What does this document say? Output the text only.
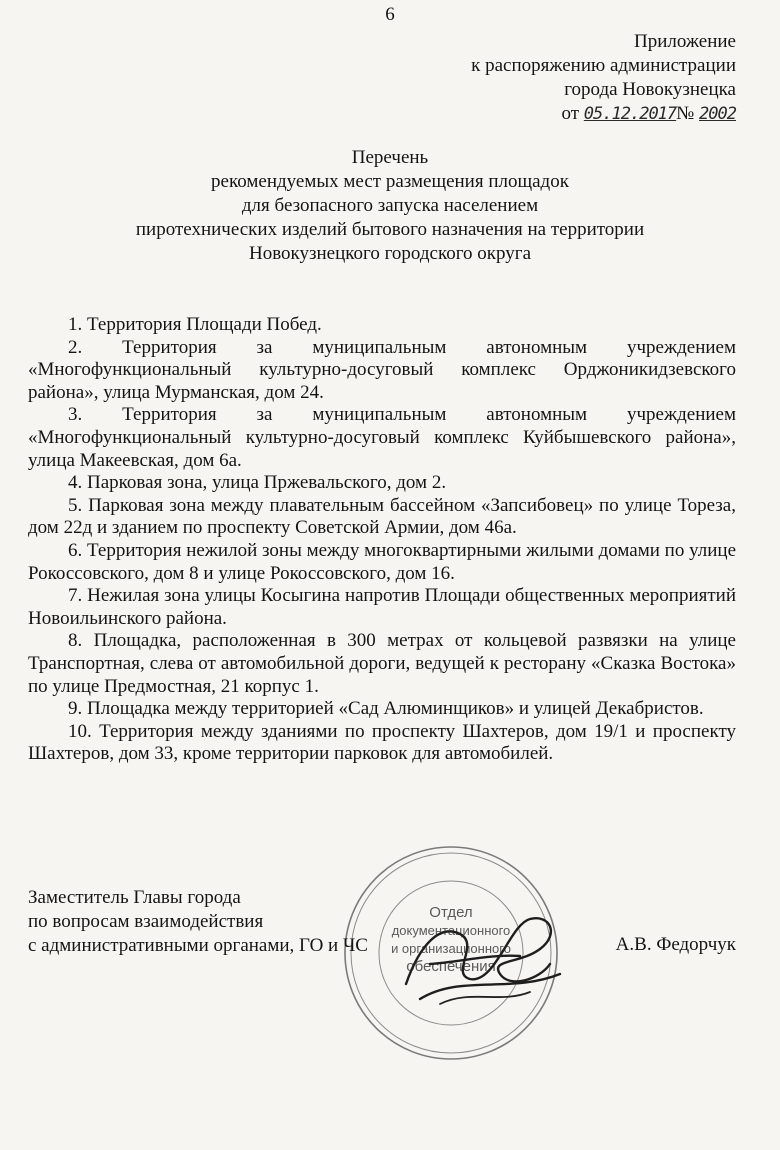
6
Приложение
к распоряжению администрации
города Новокузнецка
от 05.12.2017№ 2002
Перечень
рекомендуемых мест размещения площадок
для безопасного запуска населением
пиротехнических изделий бытового назначения на территории
Новокузнецкого городского округа

1. Территория Площади Побед.

2. Территория за муниципальным автономным учреждением «Многофункциональный культурно-досуговый комплекс Орджоникидзевского района», улица Мурманская, дом 24.

3. Территория за муниципальным автономным учреждением «Многофункциональный культурно-досуговый комплекс Куйбышевского района», улица Макеевская, дом 6а.

4. Парковая зона, улица Пржевальского, дом 2.

5. Парковая зона между плавательным бассейном «Запсибовец» по улице Тореза, дом 22д и зданием по проспекту Советской Армии, дом 46а.

6. Территория нежилой зоны между многоквартирными жилыми домами по улице Рокоссовского, дом 8 и улице Рокоссовского, дом 16.

7. Нежилая зона улицы Косыгина напротив Площади общественных мероприятий Новоильинского района.

8. Площадка, расположенная в 300 метрах от кольцевой развязки на улице Транспортная, слева от автомобильной дороги, ведущей к ресторану «Сказка Востока» по улице Предмостная, 21 корпус 1.

9. Площадка между территорией «Сад Алюминщиков» и улицей Декабристов.

10. Территория между зданиями по проспекту Шахтеров, дом 19/1 и проспекту Шахтеров, дом 33, кроме территории парковок для автомобилей.

Отдел
документационного
и организационного
обеспечения
Заместитель Главы города
по вопросам взаимодействия
с административными органами, ГО и ЧС	А.В. Федорчук
